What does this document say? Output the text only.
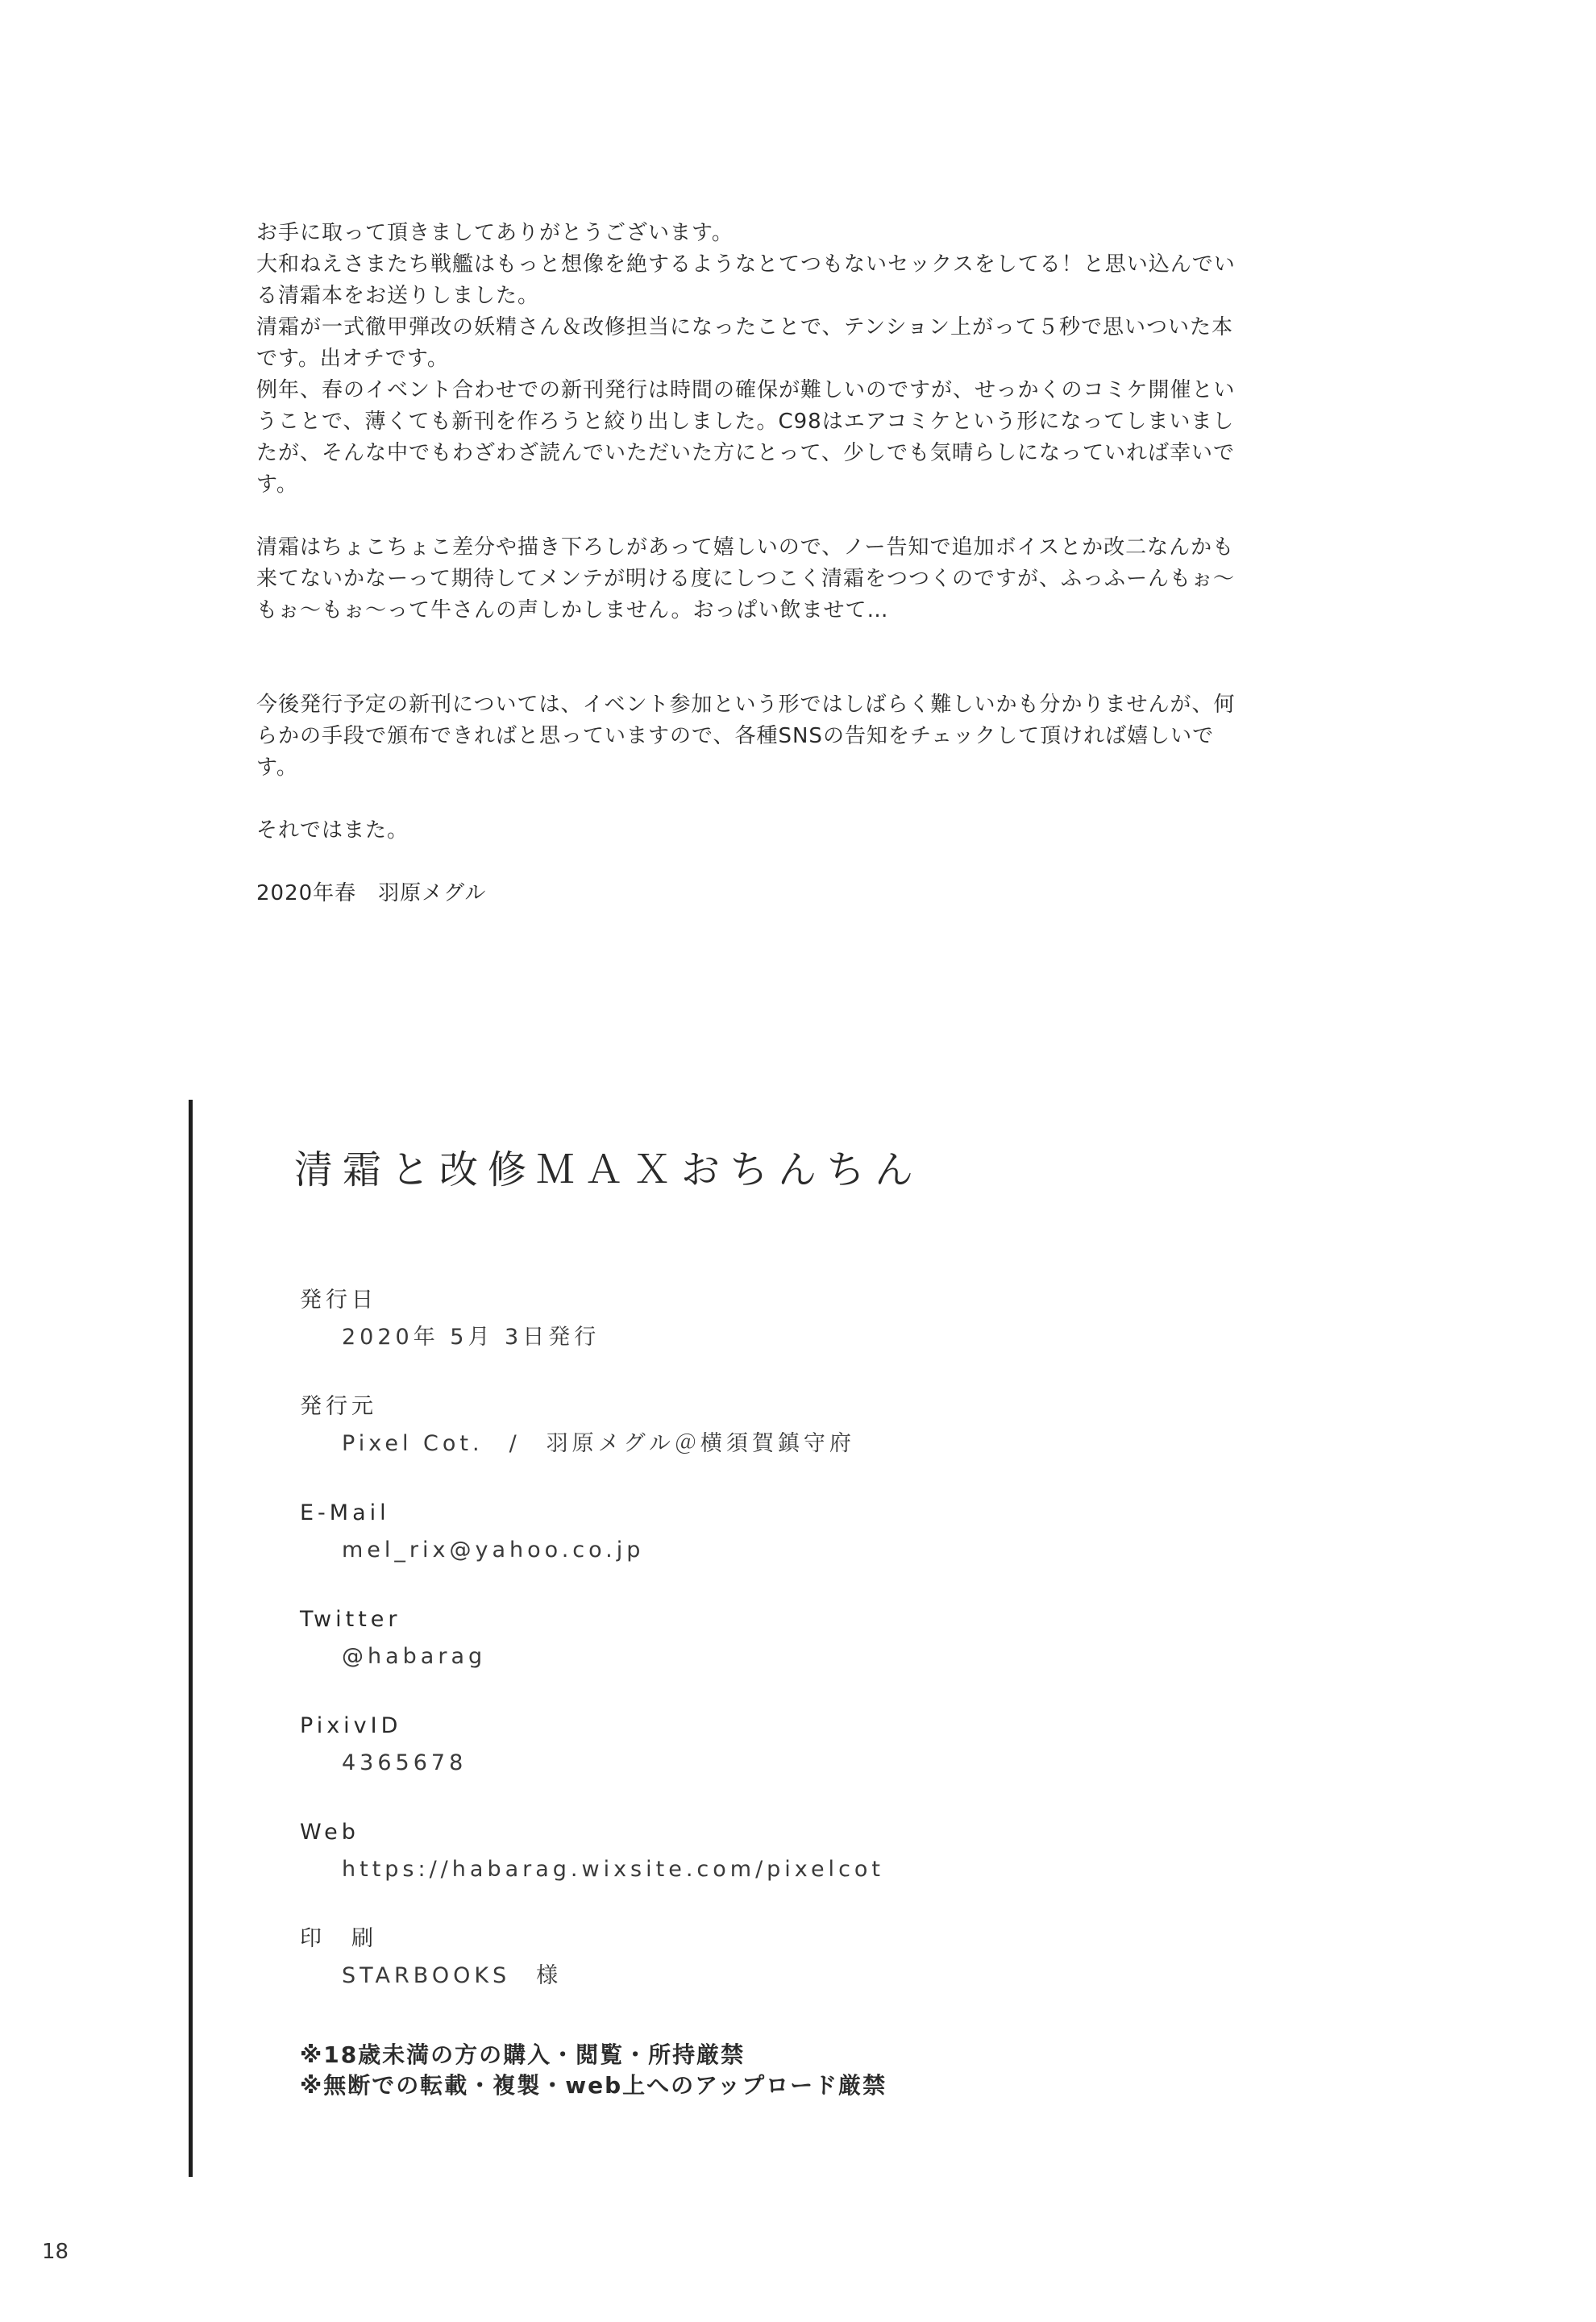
お手に取って頂きましてありがとうございます。

大和ねえさまたち戦艦はもっと想像を絶するようなとてつもないセックスをしてる！と思い込んでい

る清霜本をお送りしました。

清霜が一式徹甲弾改の妖精さん＆改修担当になったことで、テンション上がって５秒で思いついた本

です。出オチです。

例年、春のイベント合わせでの新刊発行は時間の確保が難しいのですが、せっかくのコミケ開催とい

うことで、薄くても新刊を作ろうと絞り出しました。C98はエアコミケという形になってしまいまし

たが、そんな中でもわざわざ読んでいただいた方にとって、少しでも気晴らしになっていれば幸いで

す。

清霜はちょこちょこ差分や描き下ろしがあって嬉しいので、ノー告知で追加ボイスとか改二なんかも

来てないかなーって期待してメンテが明ける度にしつこく清霜をつつくのですが、ふっふーんもぉ～

もぉ～もぉ～って牛さんの声しかしません。おっぱい飲ませて…

今後発行予定の新刊については、イベント参加という形ではしばらく難しいかも分かりませんが、何

らかの手段で頒布できればと思っていますので、各種SNSの告知をチェックして頂ければ嬉しいで

す。

それではまた。

2020年春　羽原メグル

清霜と改修ＭＡＸおちんちん
発行日
2020年 5月 3日発行
発行元
Pixel Cot.　/　羽原メグル＠横須賀鎮守府
E-Mail
mel_rix@yahoo.co.jp
Twitter
@habarag
PixivID
4365678
Web
https://habarag.wixsite.com/pixelcot
印　刷
STARBOOKS　様

※18歳未満の方の購入・閲覧・所持厳禁

※無断での転載・複製・web上へのアップロード厳禁

18
